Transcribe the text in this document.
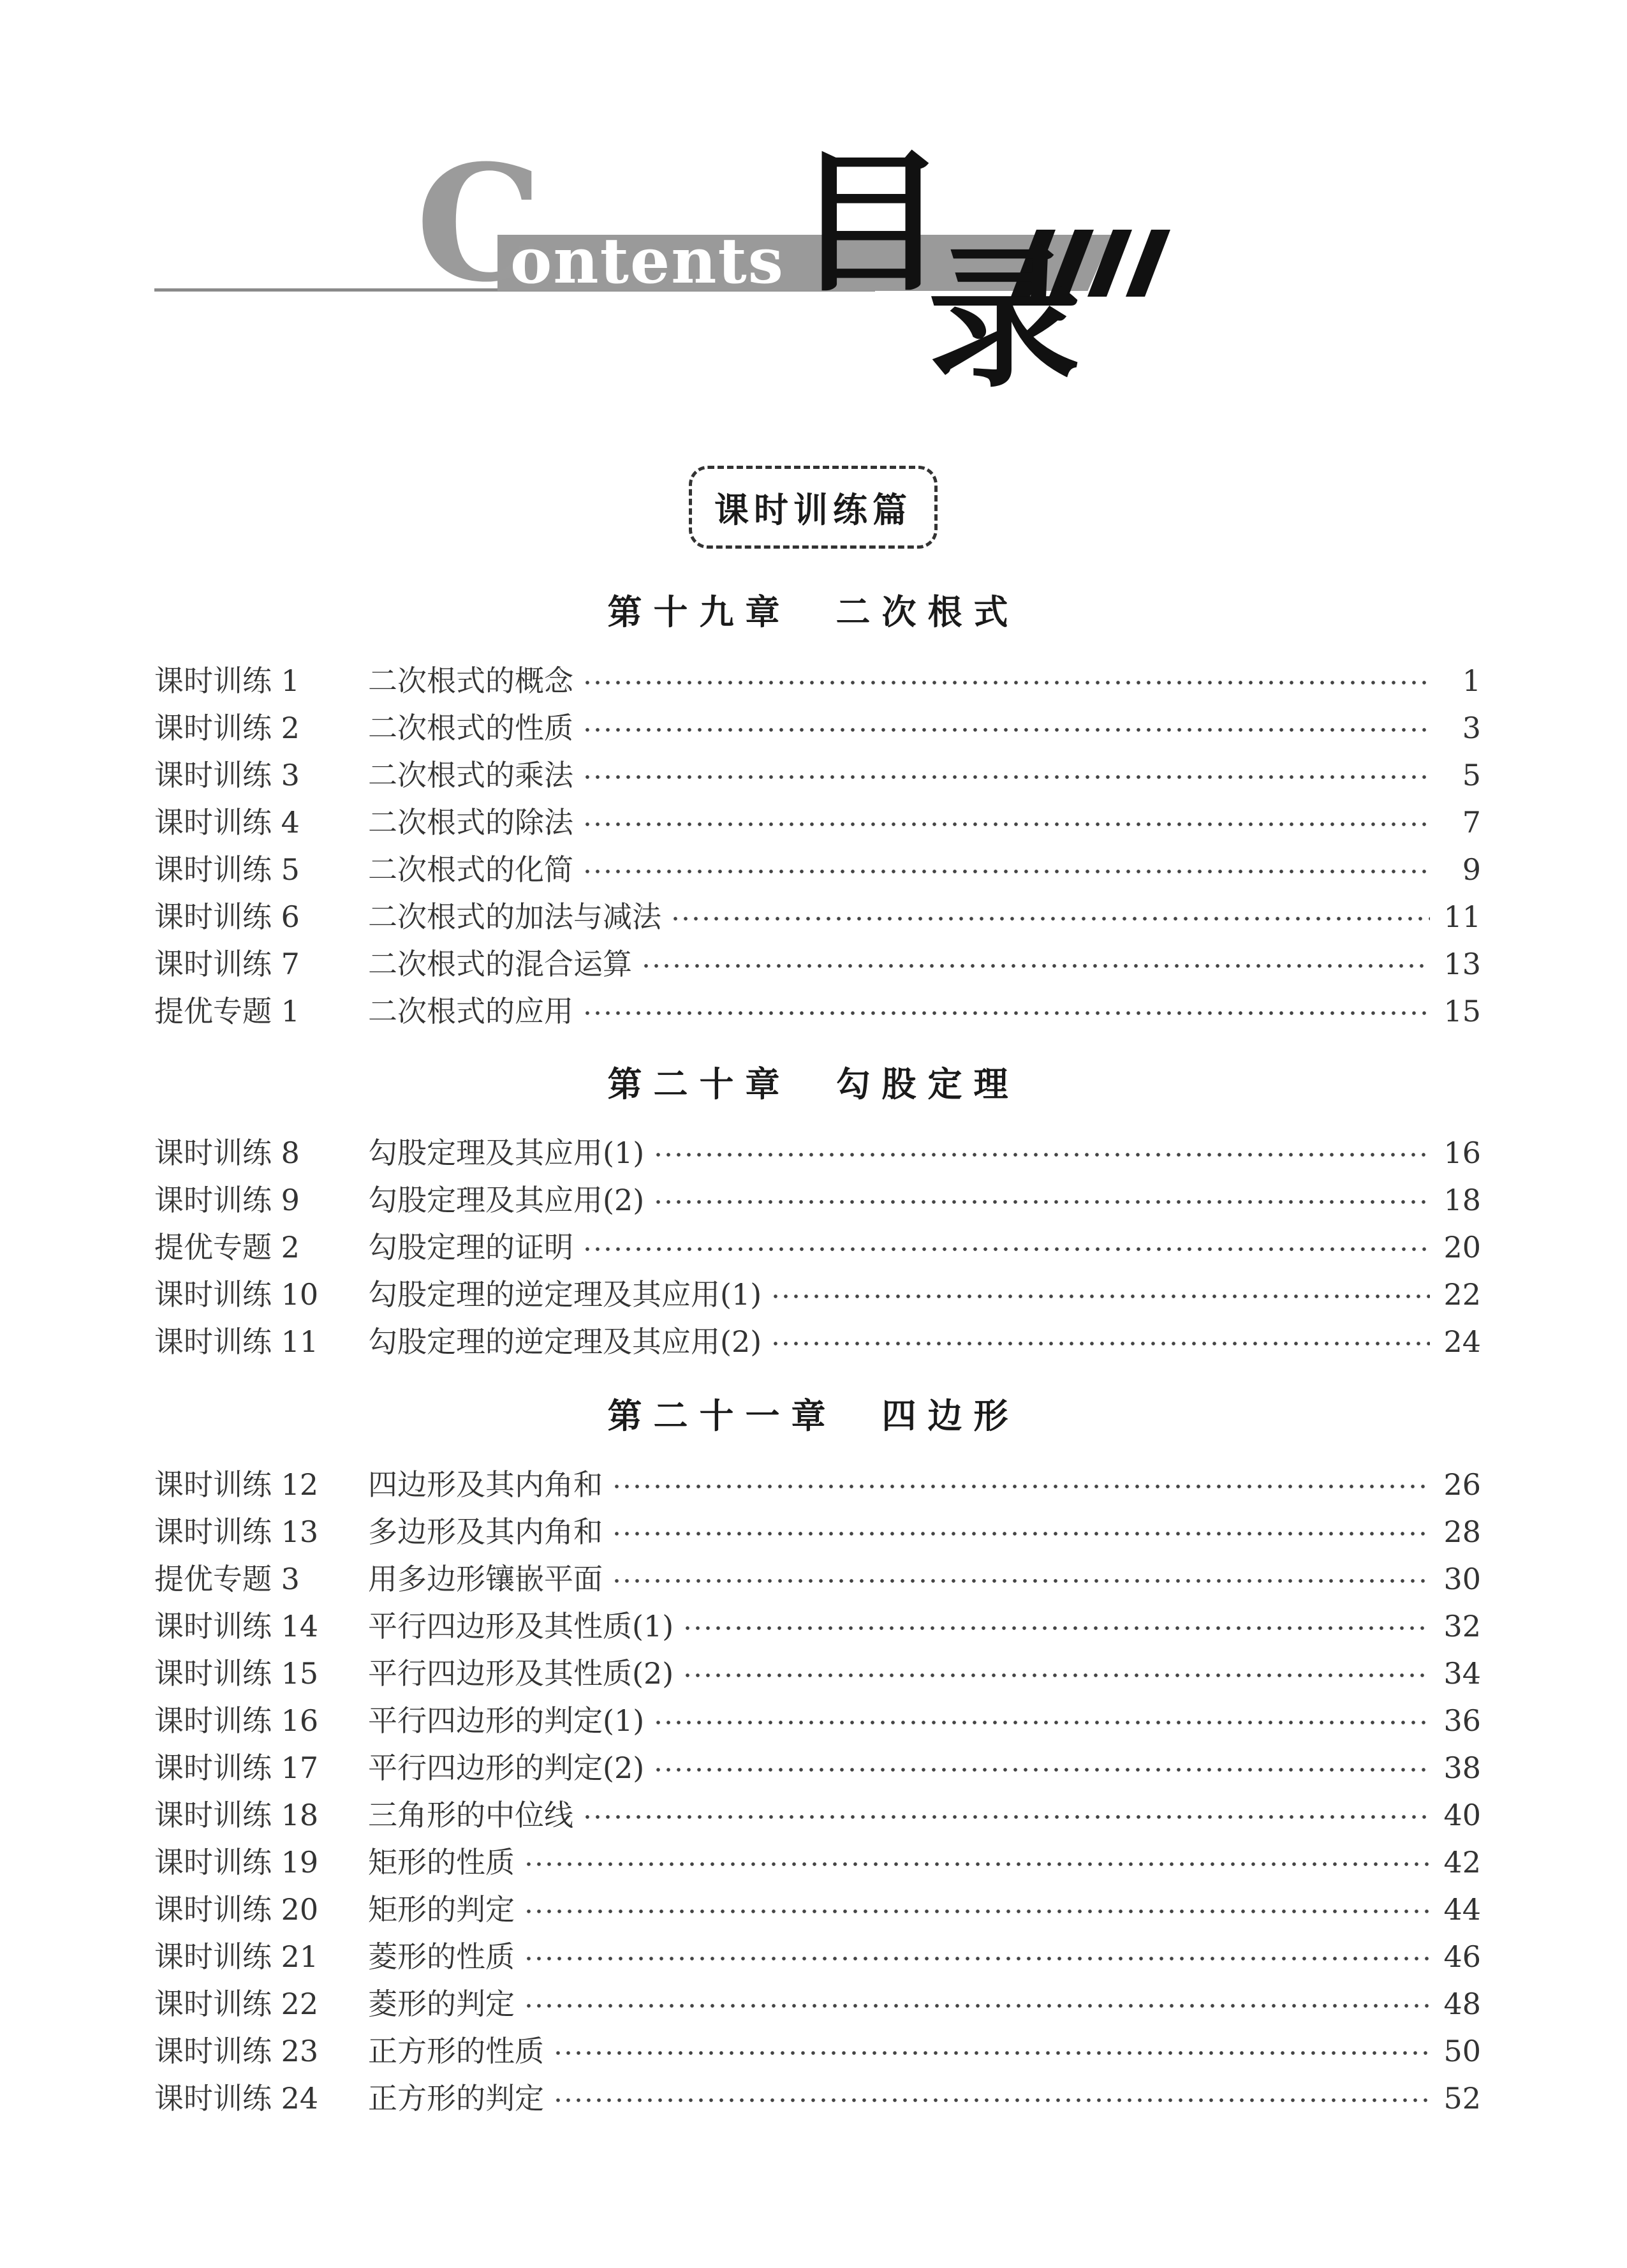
C
ontents 目
录
课时训练篇
第十九章 二次根式
课时训练 1	二次根式的概念	1
课时训练 2	二次根式的性质	3
课时训练 3	二次根式的乘法	5
课时训练 4	二次根式的除法	7
课时训练 5	二次根式的化简	9
课时训练 6	二次根式的加法与减法	11
课时训练 7	二次根式的混合运算	13
提优专题 1	二次根式的应用	15
第二十章 勾股定理
课时训练 8	勾股定理及其应用(1)	16
课时训练 9	勾股定理及其应用(2)	18
提优专题 2	勾股定理的证明	20
课时训练 10	勾股定理的逆定理及其应用(1)	22
课时训练 11	勾股定理的逆定理及其应用(2)	24
第二十一章 四边形
课时训练 12	四边形及其内角和	26
课时训练 13	多边形及其内角和	28
提优专题 3	用多边形镶嵌平面	30
课时训练 14	平行四边形及其性质(1)	32
课时训练 15	平行四边形及其性质(2)	34
课时训练 16	平行四边形的判定(1)	36
课时训练 17	平行四边形的判定(2)	38
课时训练 18	三角形的中位线	40
课时训练 19	矩形的性质	42
课时训练 20	矩形的判定	44
课时训练 21	菱形的性质	46
课时训练 22	菱形的判定	48
课时训练 23	正方形的性质	50
课时训练 24	正方形的判定	52
